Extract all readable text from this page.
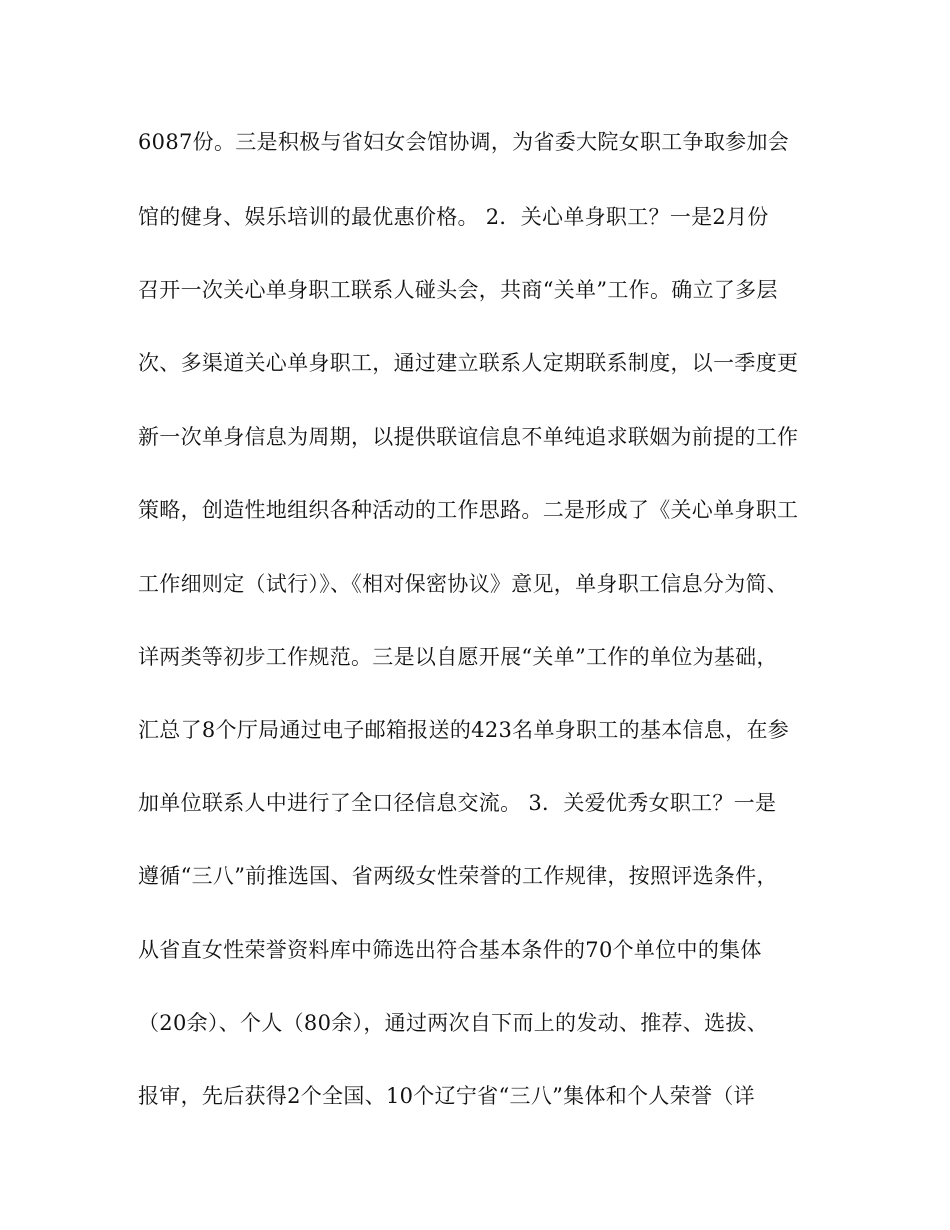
6087份。三是积极与省妇女会馆协调，为省委大院女职工争取参加会
馆的健身、娱乐培训的最优惠价格。 2．关心单身职工？一是2月份
召开一次关心单身职工联系人碰头会，共商“关单”工作。确立了多层
次、多渠道关心单身职工，通过建立联系人定期联系制度，以一季度更
新一次单身信息为周期，以提供联谊信息不单纯追求联姻为前提的工作
策略，创造性地组织各种活动的工作思路。二是形成了《关心单身职工
工作细则定（试行）》、《相对保密协议》意见，单身职工信息分为简、
详两类等初步工作规范。三是以自愿开展“关单”工作的单位为基础，
汇总了8个厅局通过电子邮箱报送的423名单身职工的基本信息，在参
加单位联系人中进行了全口径信息交流。 3．关爱优秀女职工？一是
遵循“三八”前推选国、省两级女性荣誉的工作规律，按照评选条件，
从省直女性荣誉资料库中筛选出符合基本条件的70个单位中的集体
（20余）、个人（80余），通过两次自下而上的发动、推荐、选拔、
报审，先后获得2个全国、10个辽宁省“三八”集体和个人荣誉（详
